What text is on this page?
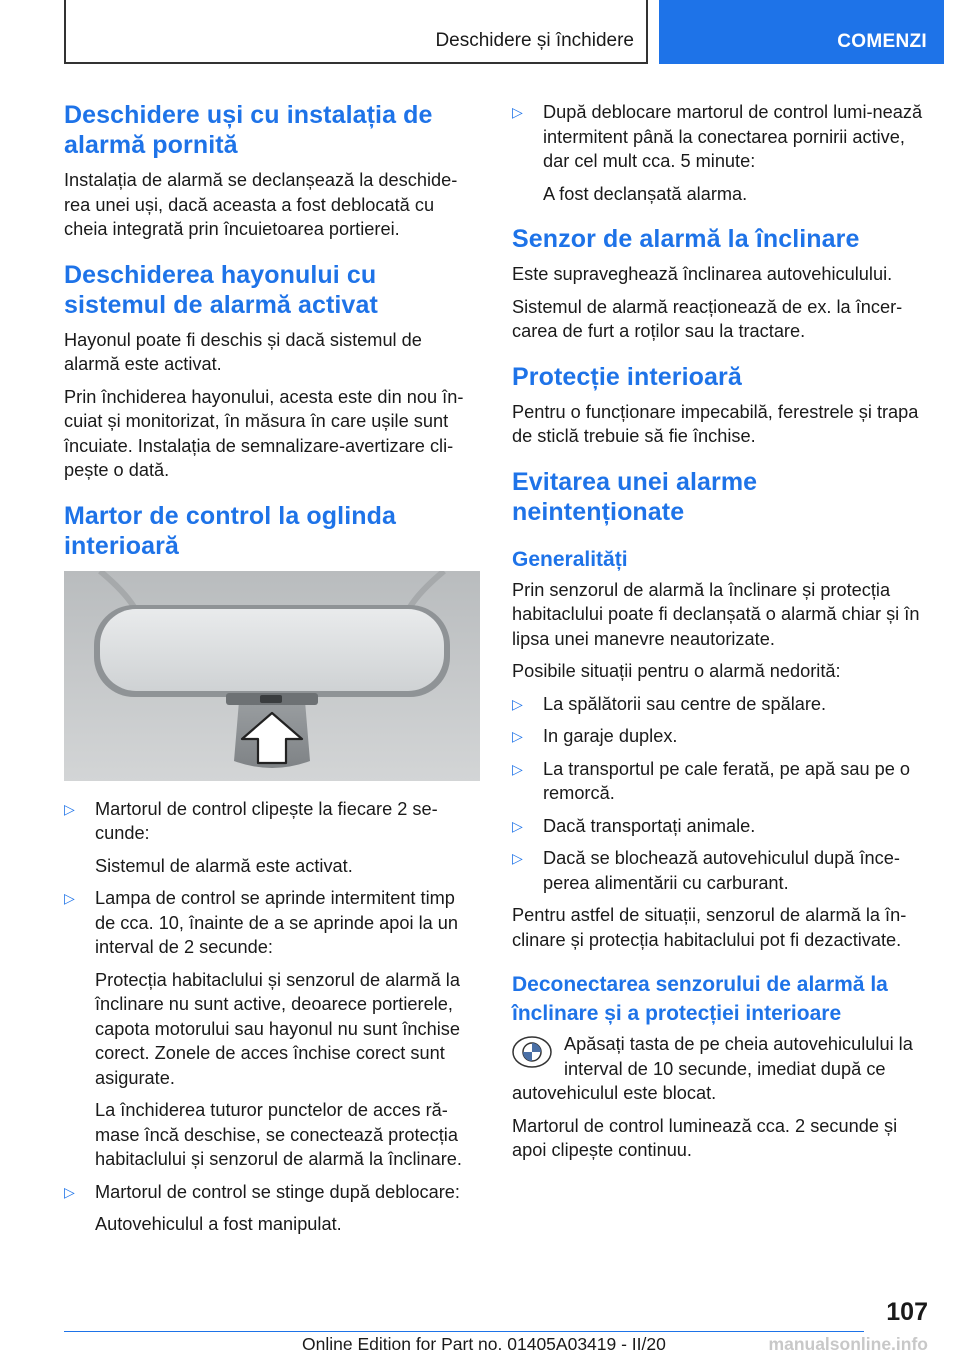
Deschidere și închidere	COMENZI
Deschidere uși cu instalația de alarmă pornită

Instalația de alarmă se declanșează la deschide-rea unei uși, dacă aceasta a fost deblocată cu cheia integrată prin încuietoarea portierei.

Deschiderea hayonului cu sistemul de alarmă activat

Hayonul poate fi deschis și dacă sistemul de alarmă este activat.

Prin închiderea hayonului, acesta este din nou în-cuiat și monitorizat, în măsura în care ușile sunt încuiate. Instalația de semnalizare-avertizare cli-pește o dată.

Martor de control la oglinda interioară
▷ Martorul de control clipește la fiecare 2 se-cunde:
Sistemul de alarmă este activat.
▷ Lampa de control se aprinde intermitent timp de cca. 10, înainte de a se aprinde apoi la un interval de 2 secunde:
Protecția habitaclului și senzorul de alarmă la înclinare nu sunt active, deoarece portierele, capota motorului sau hayonul nu sunt închise corect. Zonele de acces închise corect sunt asigurate.
La închiderea tuturor punctelor de acces ră-mase încă deschise, se conectează protecția habitaclului și senzorul de alarmă la înclinare.
▷ Martorul de control se stinge după deblocare:
Autovehiculul a fost manipulat.
▷ După deblocare martorul de control lumi-nează intermitent până la conectarea pornirii active, dar cel mult cca. 5 minute:
A fost declanșată alarma.
Senzor de alarmă la înclinare

Este supraveghează înclinarea autovehiculului.

Sistemul de alarmă reacționează de ex. la încer-carea de furt a roților sau la tractare.

Protecție interioară

Pentru o funcționare impecabilă, ferestrele și trapa de sticlă trebuie să fie închise.

Evitarea unei alarme neintenționate
Generalități

Prin senzorul de alarmă la înclinare și protecția habitaclului poate fi declanșată o alarmă chiar și în lipsa unei manevre neautorizate.

Posibile situații pentru o alarmă nedorită:

▷ La spălătorii sau centre de spălare.
▷ In garaje duplex.
▷ La transportul pe cale ferată, pe apă sau pe o remorcă.
▷ Dacă transportați animale.
▷ Dacă se blochează autovehiculul după înce-perea alimentării cu carburant.

Pentru astfel de situații, senzorul de alarmă la în-clinare și protecția habitaclului pot fi dezactivate.

Deconectarea senzorului de alarmă la înclinare și a protecției interioare

Apăsați tasta de pe cheia autovehiculului la interval de 10 secunde, imediat după ce autovehiculul este blocat.

Martorul de control luminează cca. 2 secunde și apoi clipește continuu.

107
Online Edition for Part no. 01405A03419 - II/20	manualsonline.info
